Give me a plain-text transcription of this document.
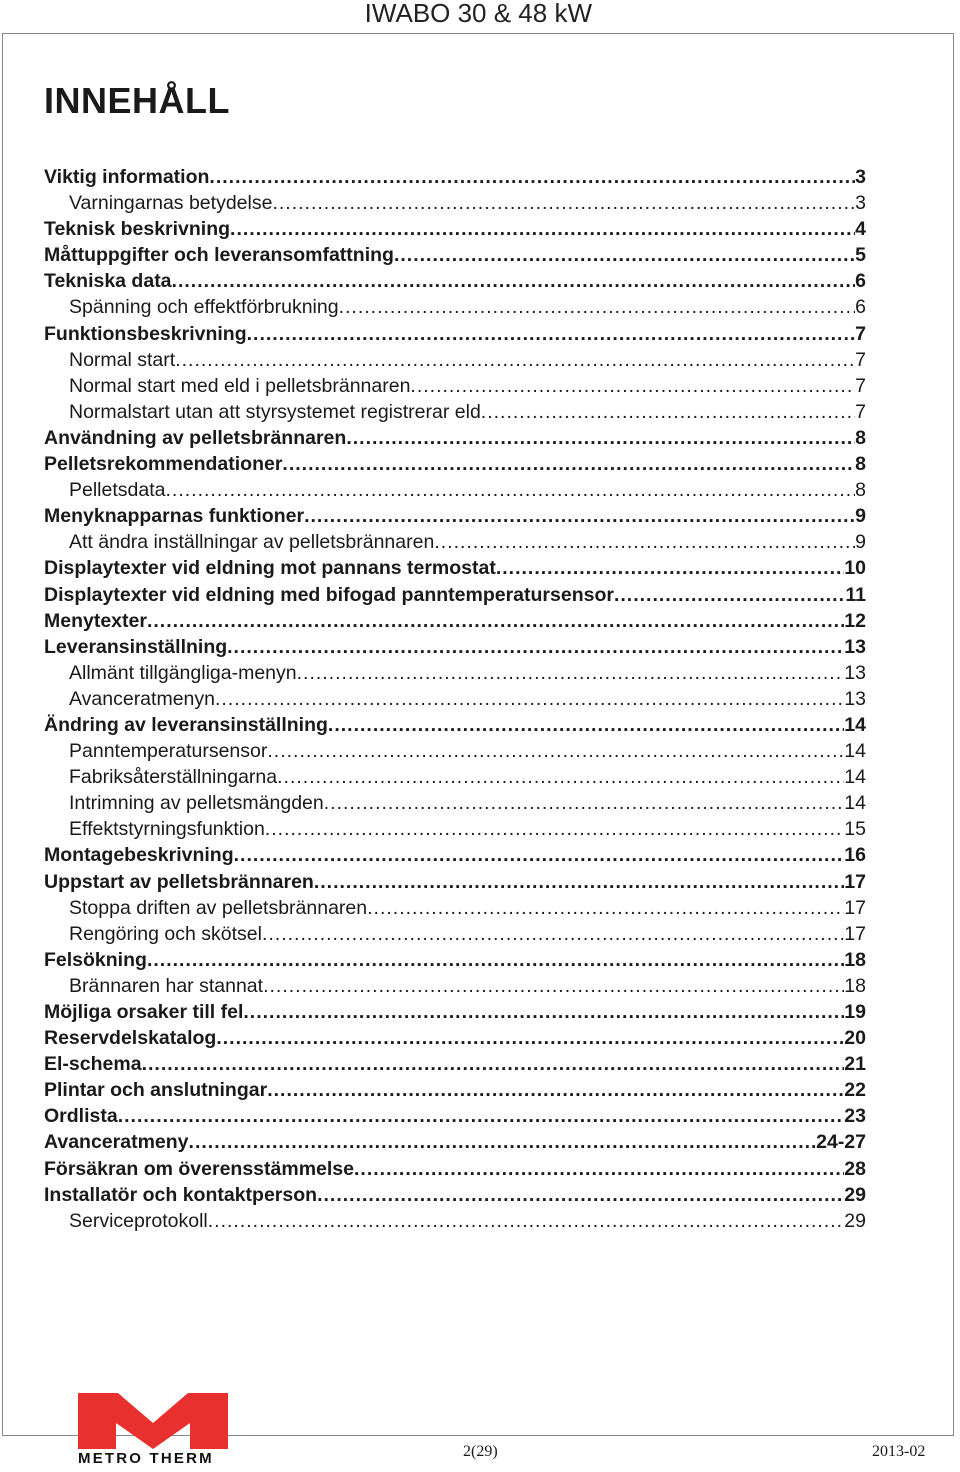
IWABO 30 & 48 kW
INNEHÅLL
Viktig information .....	3
Varningarnas betydelse .....	3
Teknisk beskrivning .....	4
Måttuppgifter och leveransomfattning .....	5
Tekniska data .....	6
Spänning och effektförbrukning .....	6
Funktionsbeskrivning .....	7
Normal start .....	7
Normal start med eld i pelletsbrännaren .....	7
Normalstart utan att styrsystemet registrerar eld .....	7
Användning av pelletsbrännaren .....	8
Pelletsrekommendationer .....	8
Pelletsdata .....	8
Menyknapparnas funktioner .....	9
Att ändra inställningar av pelletsbrännaren .....	9
Displaytexter vid eldning mot pannans termostat .....	10
Displaytexter vid eldning med bifogad panntemperatursensor .....	11
Menytexter .....	12
Leveransinställning .....	13
Allmänt tillgängliga-menyn .....	13
Avanceratmenyn .....	13
Ändring av leveransinställning .....	14
Panntemperatursensor .....	14
Fabriksåterställningarna .....	14
Intrimning av pelletsmängden .....	14
Effektstyrningsfunktion .....	15
Montagebeskrivning .....	16
Uppstart av pelletsbrännaren .....	17
Stoppa driften av pelletsbrännaren .....	17
Rengöring och skötsel .....	17
Felsökning .....	18
Brännaren har stannat .....	18
Möjliga orsaker till fel .....	19
Reservdelskatalog .....	20
El-schema .....	21
Plintar och anslutningar .....	22
Ordlista .....	23
Avanceratmeny .....	24-27
Försäkran om överensstämmelse .....	28
Installatör och kontaktperson .....	29
Serviceprotokoll .....	29
METRO THERM	2(29)	2013-02
